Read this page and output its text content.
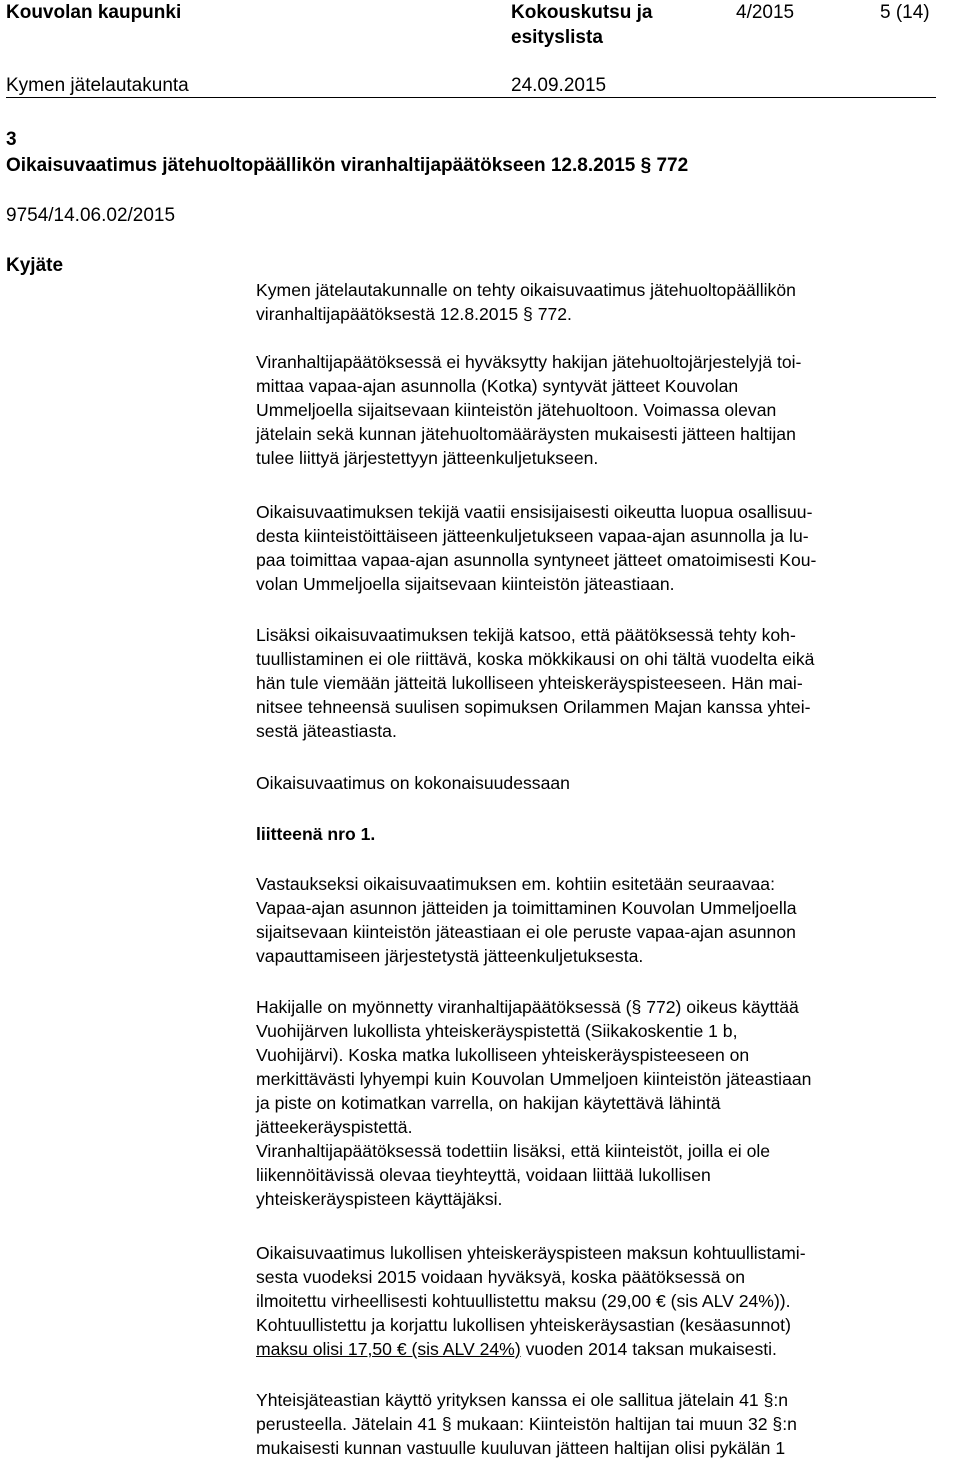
Kouvolan kaupunki	Kokouskutsu ja
esityslista
4/2015	5 (14)
Kymen jätelautakunta	24.09.2015
3
Oikaisuvaatimus jätehuoltopäällikön viranhaltijapäätökseen 12.8.2015 § 772
9754/14.06.02/2015
Kyjäte
Kymen jätelautakunnalle on tehty oikaisuvaatimus jätehuoltopäällikön
viranhaltijapäätöksestä 12.8.2015 § 772.
Viranhaltijapäätöksessä ei hyväksytty hakijan jätehuoltojärjestelyjä toi-
mittaa vapaa-ajan asunnolla (Kotka) syntyvät jätteet Kouvolan
Ummeljoella sijaitsevaan kiinteistön jätehuoltoon. Voimassa olevan
jätelain sekä kunnan jätehuoltomääräysten mukaisesti jätteen haltijan
tulee liittyä järjestettyyn jätteenkuljetukseen.
Oikaisuvaatimuksen tekijä vaatii ensisijaisesti oikeutta luopua osallisuu-
desta kiinteistöittäiseen jätteenkuljetukseen vapaa-ajan asunnolla ja lu-
paa toimittaa vapaa-ajan asunnolla syntyneet jätteet omatoimisesti Kou-
volan Ummeljoella sijaitsevaan kiinteistön jäteastiaan.
Lisäksi oikaisuvaatimuksen tekijä katsoo, että päätöksessä tehty koh-
tuullistaminen ei ole riittävä, koska mökkikausi on ohi tältä vuodelta eikä
hän tule viemään jätteitä lukolliseen yhteiskeräyspisteeseen. Hän mai-
nitsee tehneensä suulisen sopimuksen Orilammen Majan kanssa yhtei-
sestä jäteastiasta.
Oikaisuvaatimus on kokonaisuudessaan
liitteenä nro 1.
Vastaukseksi oikaisuvaatimuksen em. kohtiin esitetään seuraavaa:
Vapaa-ajan asunnon jätteiden ja toimittaminen Kouvolan Ummeljoella
sijaitsevaan kiinteistön jäteastiaan ei ole peruste vapaa-ajan asunnon
vapauttamiseen järjestetystä jätteenkuljetuksesta.
Hakijalle on myönnetty viranhaltijapäätöksessä (§ 772) oikeus käyttää
Vuohijärven lukollista yhteiskeräyspistettä (Siikakoskentie 1 b,
Vuohijärvi). Koska matka lukolliseen yhteiskeräyspisteeseen on
merkittävästi lyhyempi kuin Kouvolan Ummeljoen kiinteistön jäteastiaan
ja piste on kotimatkan varrella, on hakijan käytettävä lähintä
jätteekeräyspistettä.
Viranhaltijapäätöksessä todettiin lisäksi, että kiinteistöt, joilla ei ole
liikennöitävissä olevaa tieyhteyttä, voidaan liittää lukollisen
yhteiskeräyspisteen käyttäjäksi.
Oikaisuvaatimus lukollisen yhteiskeräyspisteen maksun kohtuullistami-
sesta vuodeksi 2015 voidaan hyväksyä, koska päätöksessä on
ilmoitettu virheellisesti kohtuullistettu maksu (29,00 € (sis ALV 24%)).
Kohtuullistettu ja korjattu lukollisen yhteiskeräysastian (kesäasunnot)
maksu olisi 17,50 € (sis ALV 24%) vuoden 2014 taksan mukaisesti.
Yhteisjäteastian käyttö yrityksen kanssa ei ole sallitua jätelain 41 §:n
perusteella. Jätelain 41 § mukaan: Kiinteistön haltijan tai muun 32 §:n
mukaisesti kunnan vastuulle kuuluvan jätteen haltijan olisi pykälän 1
